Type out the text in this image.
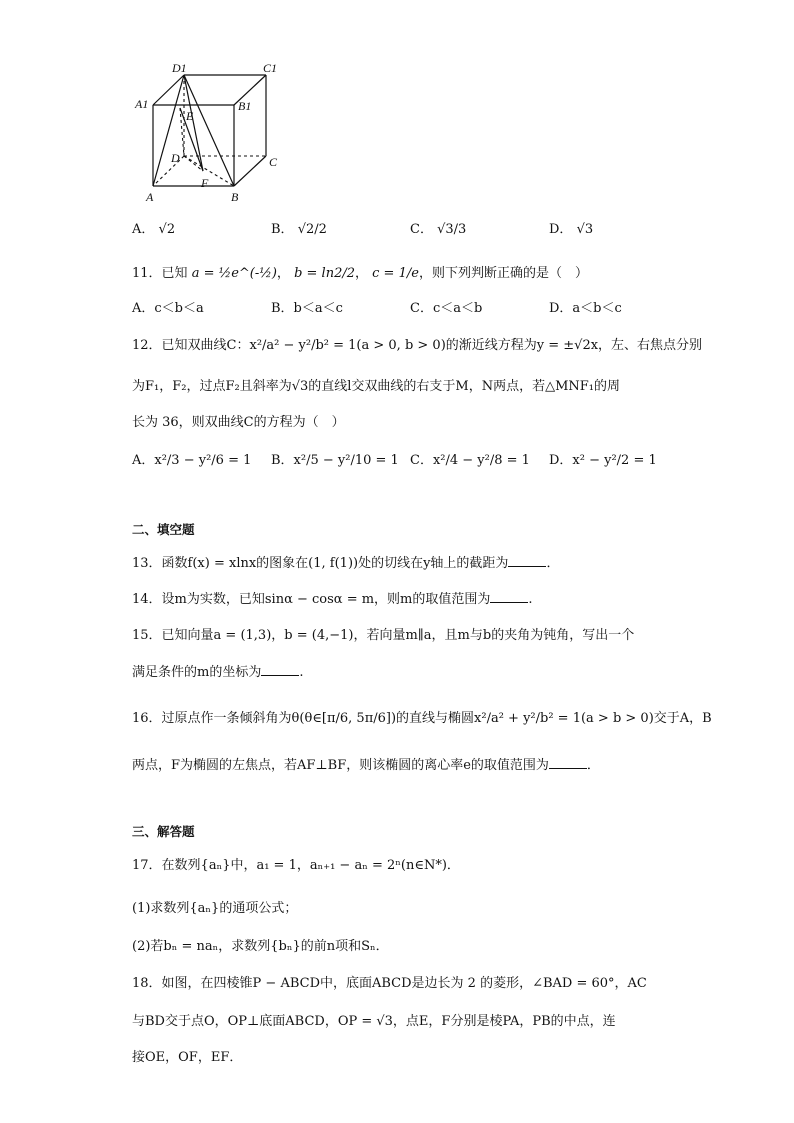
D1	C1
A1	B1
E
D	C
F
A	B
A． √2	B． √2/2	C． √3/3	D． √3
11．已知 a = ½e^(-½)， b = ln2/2， c = 1/e，则下列判断正确的是（　）
A．c＜b＜a	B．b＜a＜c	C．c＜a＜b	D．a＜b＜c
12．已知双曲线C：x²/a² − y²/b² = 1(a > 0, b > 0)的渐近线方程为y = ±√2x，左、右焦点分别
为F₁，F₂，过点F₂且斜率为√3的直线l交双曲线的右支于M，N两点，若△MNF₁的周
长为 36，则双曲线C的方程为（　）
A．x²/3 − y²/6 = 1 B．x²/5 − y²/10 = 1 C．x²/4 − y²/8 = 1 D．x² − y²/2 = 1
二、填空题
13．函数f(x) = xlnx的图象在(1, f(1))处的切线在y轴上的截距为	．
14．设m为实数，已知sinα − cosα = m，则m的取值范围为	.
15．已知向量a = (1,3)，b = (4,−1)，若向量m∥a，且m与b的夹角为钝角，写出一个
满足条件的m的坐标为	.
16．过原点作一条倾斜角为θ(θ∈[π/6, 5π/6])的直线与椭圆x²/a² + y²/b² = 1(a > b > 0)交于A，B
两点，F为椭圆的左焦点，若AF⊥BF，则该椭圆的离心率e的取值范围为	．
三、解答题
17．在数列{aₙ}中，a₁ = 1，aₙ₊₁ − aₙ = 2ⁿ(n∈N*)．
(1)求数列{aₙ}的通项公式；
(2)若bₙ = naₙ，求数列{bₙ}的前n项和Sₙ．
18．如图，在四棱锥P − ABCD中，底面ABCD是边长为 2 的菱形，∠BAD = 60°，AC
与BD交于点O，OP⊥底面ABCD，OP = √3，点E，F分别是棱PA，PB的中点，连
接OE，OF，EF．
